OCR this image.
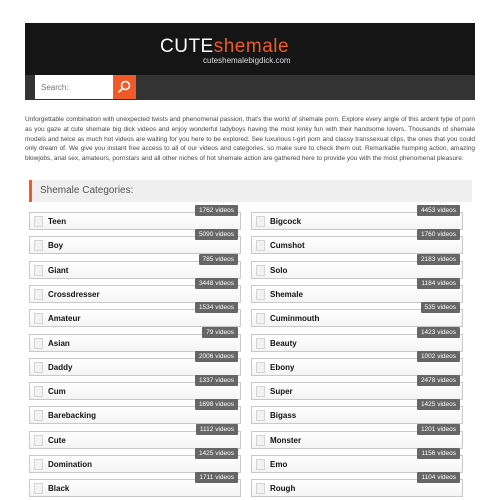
CUTEshemale
cuteshemalebigdick.com
Search:
Unforgettable combination with unexpected twists and phenomenal passion, that's the world of shemale porn. Explore every angle of this ardent type of porn as you gaze at cute shemale big dick videos and enjoy wonderful ladyboys having the most kinky fun with their handsome lovers. Thousands of shemale models and twice as much hot videos are waiting for you here to be explored. See luxurious t-girl porn and classy transsexual clips, the ones that you could only dream of. We give you instant free access to all of our videos and categories, so make sure to check them out. Remarkable humping action, amazing blowjobs, anal sex, amateurs, pornstars and all other niches of hot shemale action are gathered here to provide you with the most phenomenal pleasure.
Shemale Categories:
Teen
1762 videos
Boy
5090 videos
Giant
785 videos
Crossdresser
3448 videos
Amateur
1534 videos
Asian
79 videos
Daddy
2006 videos
Cum
1337 videos
Barebacking
1698 videos
Cute
1112 videos
Domination
1425 videos
Black
1711 videos
Bigcock
4453 videos
Cumshot
1760 videos
Solo
2183 videos
Shemale
1184 videos
Cuminmouth
535 videos
Beauty
1423 videos
Ebony
1002 videos
Super
2478 videos
Bigass
1425 videos
Monster
1201 videos
Emo
1156 videos
Rough
1104 videos
